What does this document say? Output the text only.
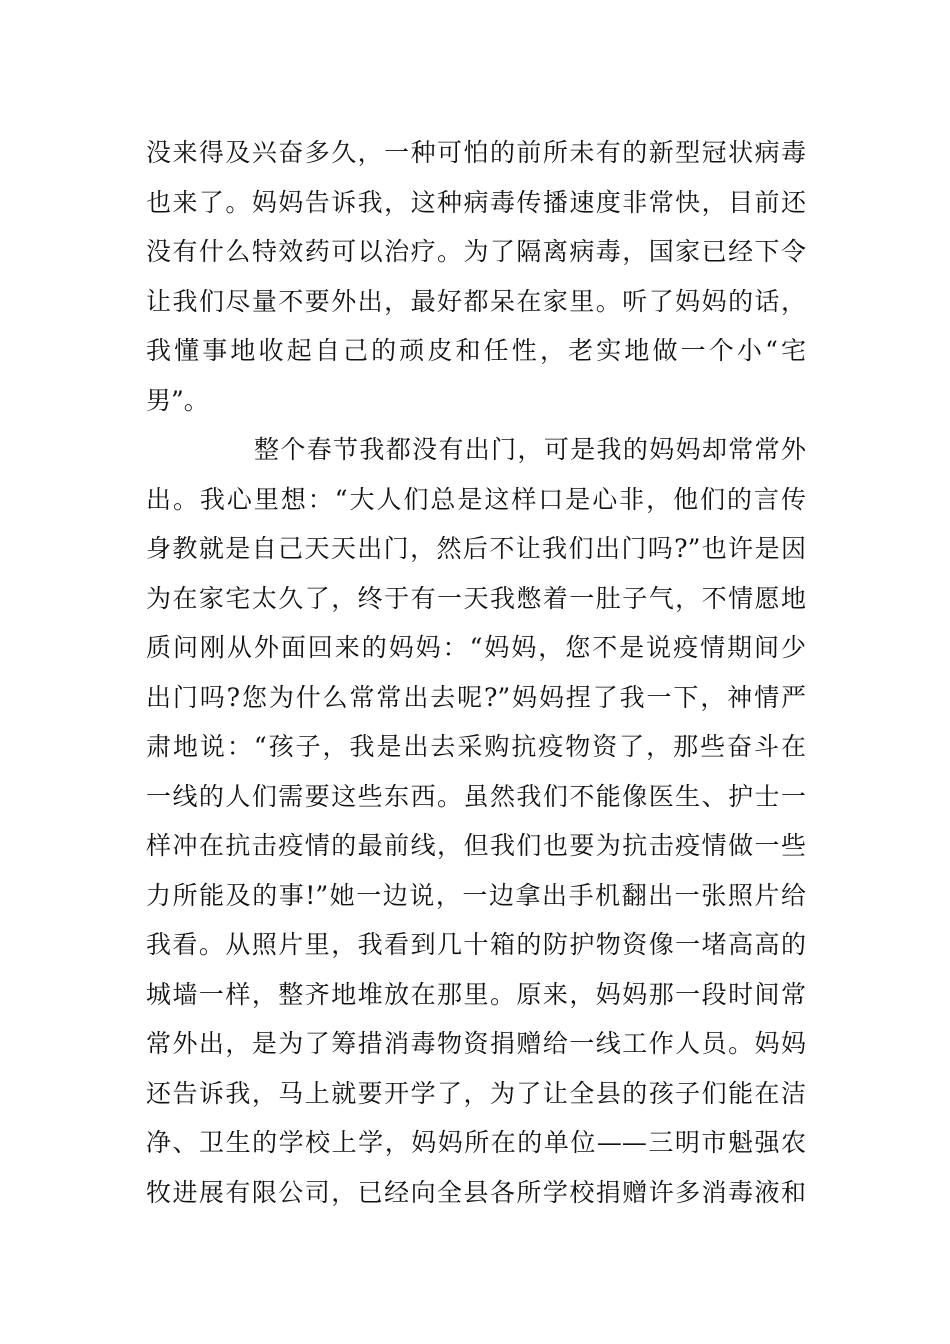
没来得及兴奋多久，一种可怕的前所未有的新型冠状病毒
也来了。妈妈告诉我，这种病毒传播速度非常快，目前还
没有什么特效药可以治疗。为了隔离病毒，国家已经下令
让我们尽量不要外出，最好都呆在家里。听了妈妈的话，
我懂事地收起自己的顽皮和任性，老实地做一个小“宅
男”。
整个春节我都没有出门，可是我的妈妈却常常外
出。我心里想：“大人们总是这样口是心非，他们的言传
身教就是自己天天出门，然后不让我们出门吗?”也许是因
为在家宅太久了，终于有一天我憋着一肚子气，不情愿地
质问刚从外面回来的妈妈：“妈妈，您不是说疫情期间少
出门吗?您为什么常常出去呢?”妈妈捏了我一下，神情严
肃地说：“孩子，我是出去采购抗疫物资了，那些奋斗在
一线的人们需要这些东西。虽然我们不能像医生、护士一
样冲在抗击疫情的最前线，但我们也要为抗击疫情做一些
力所能及的事!”她一边说，一边拿出手机翻出一张照片给
我看。从照片里，我看到几十箱的防护物资像一堵高高的
城墙一样，整齐地堆放在那里。原来，妈妈那一段时间常
常外出，是为了筹措消毒物资捐赠给一线工作人员。妈妈
还告诉我，马上就要开学了，为了让全县的孩子们能在洁
净、卫生的学校上学，妈妈所在的单位——三明市魁强农
牧进展有限公司，已经向全县各所学校捐赠许多消毒液和
